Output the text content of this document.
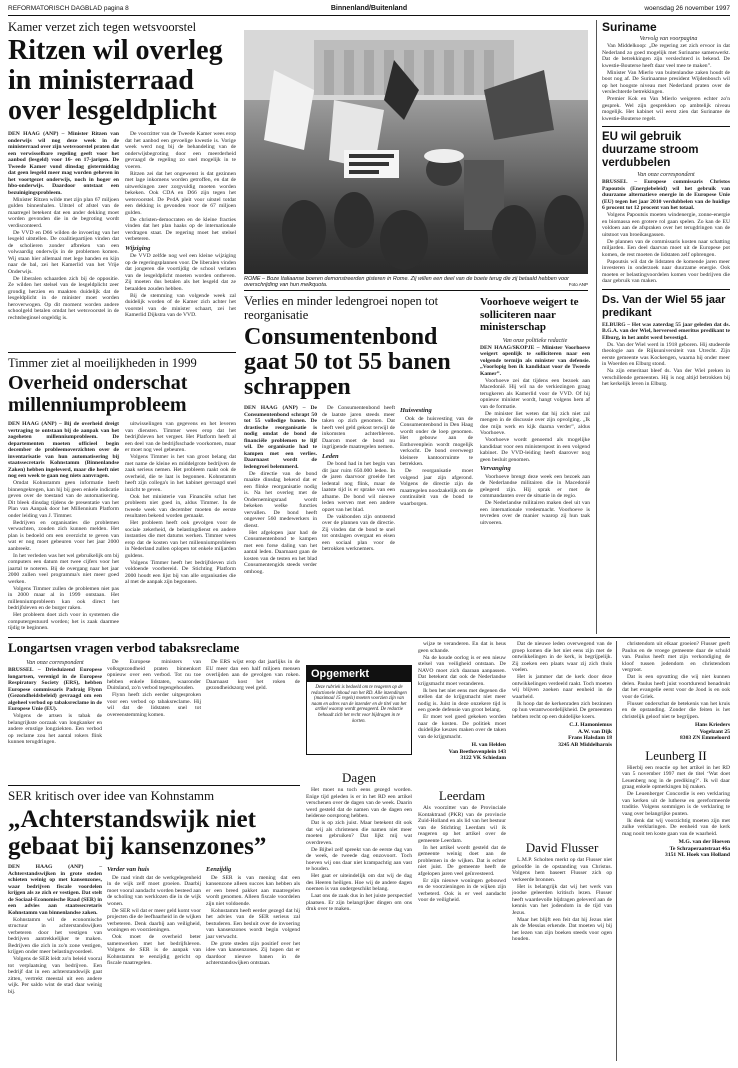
REFORMATORISCH DAGBLAD pagina 8	Binnenland/Buitenland	woensdag 26 november 1997
Kamer verzet zich tegen wetsvoorstel
Ritzen wil overleg in ministerraad over lesgeldplicht

DEN HAAG (ANP) – Minister Ritzen van onderwijs wil nog deze week in de ministerraad over zijn wetsvoorstel praten dat een verwisselbare regeling geeft voor het aanbod (lesgeld) voor 16- en 17-jarigen. De Tweede Kamer vond dinsdag gistermiddag dat geen lesgeld meer mag worden geheven in het voortgezet onderwijs, noch in hoger en hbo-onderwijs. Daardoor ontstaat een bezuinigingsprobleem.

Minister Ritzen wilde met zijn plan 67 miljoen gulden binnenhalen. Uitstel of afstel van de maatregel betekent dat een ander dekking moet worden gevonden die in de begroting wordt verdisconteerd.

De VVD en D66 wilden de invoering van het lesgeld uitstellen. De coalitiepartijen vinden dat de scholieren zonder afbreken van een volwaardig onderwijs in de problemen komen. Wij staan hier allemaal met lege handen en kijn naar de bal, zei het Kamerlid van het Vrije Onderwijs.

De liberalen schaarden zich bij de oppositie. Ze wilden het stelsel van de lesgeldplicht zeer grondig herzien en maakten duidelijk dat de lesgeldplicht in de minister moet worden heroverwogen. Op dit moment worden andere schoolgeld betalen omdat het wetsvoorstel in de rechtsbeginsel ongeldig is.

De voorzitter van de Tweede Kamer wees erop dat het aanbod een gevoelige kwestie is. Vorige week werd nog bij de behandeling van de onderwijsbegroting door een meerderheid gevraagd de regeling zo snel mogelijk in te voeren.

Ritzen zei dat het ongewenst is dat gezinnen met lage inkomens worden getroffen, en dat de uitwerkingen zeer zorgvuldig moeten worden bekeken. Ook CDA en D66 zijn tegen het wetsvoorstel. De PvdA pleit voor uitstel totdat een dekking is gevonden voor de 67 miljoen gulden.

De christen-democraten en de kleine fracties vinden dat het plan haaks op de internationale verdragen staat. De regering moet het stelsel verbeteren.

Wijziging

De VVD zelfde nog wel een kleine wijziging op de regeringsplannen voor. De liberalen vinden dat jongeren die voortijdig de school verlaten van de lesgeldplicht moeten worden ontheven. Zij moeten dus betalen als het lesgeld dat ze betaalden zouden hebben.

Bij de stemming van volgende week zal duidelijk worden of de Kamer zich achter het voorstel van de minister schaart, zei het Kamerlid Dijkstra van de VVD.

Timmer ziet al moeilijkheden in 1999
Overheid onderschat millenniumprobleem

DEN HAAG (ANP) – Bij de overheid dreigt vertraging te ontstaan bij de aanpak van het zogeheten millenniumprobleem. De departementen moeten officieel begin december de probleemoverzichten over de inventarisatie van hun automatisering bij staatssecretaris Kohnstamm (Binnenlandse Zaken) hebben ingeleverd, maar die heeft niet nog een week te gaan nog niets aanvragen.

Omdat Kohnstamm geen informatie heeft binnengekregen, kan hij bij geen enkele indicatie geven over de toestand van de automatisering. Dit bleek dinsdag tijdens de presentatie van het Plan van Aanpak door het Millennium Platform onder leiding van J. Timmer.

Bedrijven en organisaties die problemen verwachten, zouden zich kunnen melden. Het plan is bedoeld om een overzicht te geven van wat er nog moet gebeuren voor het jaar 2000 aanbreekt.

In het verleden was het wel gebruikelijk om bij computers een datum met twee cijfers voor het jaartal te noteren. Bij de overgang naar het jaar 2000 zullen veel programma's niet meer goed werken.

Volgens Timmer zullen de problemen niet pas in 2000 maar al in 1999 ontstaan. Het millenniumprobleem kan ook direct het bedrijfsleven en de burger raken.

Het probleem doet zich voor in systemen die computergestuurd worden; het is zaak daarmee tijdig te beginnen.

uitwisselingen van gegevens en het leveren van diensten. Timmer wees erop dat het bedrijfsleven het vergeet. Het Platform heeft al een deel van de bedrijfsschade voorkomen, maar er moet nog veel gebeuren.

Volgens Timmer is het van groot belang dat met name de kleine en middelgrote bedrijven de zaak serieus nemen. Het probleem raakt ook de overheid, die te laat is begonnen. Kohnstamm heeft zijn collega's in het kabinet gevraagd snel inzicht te geven.

Ook het ministerie van Financiën schat het probleem niet goed in, aldus Timmer. In de tweede week van december moeten de eerste resultaten bekend worden gemaakt.

Het probleem heeft ook gevolgen voor de sociale zekerheid, de belastingdienst en andere instanties die met datums werken. Timmer wees erop dat de kosten van het millenniumprobleem in Nederland zullen oplopen tot enkele miljarden guldens.

Volgens Timmer heeft het bedrijfsleven zich voldoende voorbereid. De Stichting Platform 2000 houdt een lijst bij van alle organisaties die al met de aanpak zijn begonnen.

ROME – Boze Italiaanse boeren demonstreerden gisteren in Rome. Zij willen een deel van de boete terug die zij betaald hebben voor overschrijding van hun melkquota.	Foto ANP
Verlies en minder ledengroei nopen tot reorganisatie
Consumentenbond gaat 50 tot 55 banen schrappen

DEN HAAG (ANP) – De Consumentenbond schrapt 50 tot 55 volledige banen. De drastische reorganisatie is nodig omdat de bond de financiële problemen te lijf wil. De organisatie had te kampen met een verlies. Daarnaast wordt de ledengroei belemmerd.

De directie van de bond maakte dinsdag bekend dat er een flinke reorganisatie nodig is. Na het overleg met de Ondernemingsraad wordt bekeken welke functies vervallen. De bond heeft ongeveer 560 medewerkers in dienst.

Het afgelopen jaar had de Consumentenbond te kampen met een forse daling van het aantal leden. Daarnaast gaan de kosten van de testen en het blad Consumentengids steeds verder omhoog.

De Consumentenbond heeft de laatste jaren steeds meer taken op zich genomen. Dat heeft veel geld gekost terwijl de inkomsten achterbleven. Daarom moet de bond nu ingrijpende maatregelen nemen.

Leden

De bond had in het begin van dit jaar ruim 650.000 leden. In de jaren daarvoor groeide het ledental nog flink, maar de laatste tijd is er sprake van een afname. De bond wil nieuwe leden werven met een andere opzet van het blad.

De vakbonden zijn ontstemd over de plannen van de directie. Zij vinden dat de bond te snel tot ontslagen overgaat en eisen een sociaal plan voor de betrokken werknemers.

Huisvesting

Ook de huisvesting van de Consumentenbond in Den Haag wordt onder de loep genomen. Het gebouw aan de Enthovenplein wordt mogelijk verkocht. De bond overweegt kleinere kantoorruimte te betrekken.

De reorganisatie moet volgend jaar zijn afgerond. Volgens de directie zijn de maatregelen noodzakelijk om de continuïteit van de bond te waarborgen.

Voorhoeve weigert te solliciteren naar ministerschap

Van onze politieke redactie

DEN HAAG/SKOPJE – Minister Voorhoeve weigert openlijk te solliciteren naar een volgende termijn als minister van defensie. „Voorlopig ben ik kandidaat voor de Tweede Kamer”.

Voorhoeve zei dat tijdens een bezoek aan Macedonië. Hij wil na de verkiezingen graag terugkeren als Kamerlid voor de VVD. Of hij opnieuw minister wordt, hangt volgens hem af van de formatie.

De minister liet weten dat hij zich niet zal mengen in de discussie over zijn opvolging. „Ik doe mijn werk en kijk daarna verder”, aldus Voorhoeve.

Voorhoeve wordt genoemd als mogelijke kandidaat voor een ministerspost in een volgend kabinet. De VVD-leiding heeft daarover nog geen besluit genomen.

Vervanging

Voorhoeve brengt deze week een bezoek aan de Nederlandse militairen die in Macedonië gelegerd zijn. Hij sprak er met de commandanten over de situatie in de regio.

De Nederlandse militairen maken deel uit van een internationale vredesmacht. Voorhoeve is tevreden over de manier waarop zij hun taak uitvoeren.

Suriname

Vervolg van voorpagina

Van Middelkoop: „De regering zet zich ervoor in dat Nederland zo goed mogelijk met Suriname samenwerkt. Dat de betrekkingen zijn verslechterd is bekend. De kwestie-Bouterse heeft daar veel mee te maken”.

Minister Van Mierlo van buitenlandse zaken houdt de boot nog af. De Surinaamse president Wijdenbosch wil op het hoogste niveau met Nederland praten over de verslechterde betrekkingen.

Premier Kok en Van Mierlo weigeren echter zo'n gesprek. Wel zijn gesprekken op ambtelijk niveau mogelijk. Het kabinet wil eerst zien dat Suriname de kwestie-Bouterse regelt.

EU wil gebruik duurzame stroom verdubbelen

Van onze correspondent

BRUSSEL – Europese commissaris Christos Papoutsis (Energiebeleid) wil het gebruik van duurzame alternatieve energie in de Europese Unie (EU) tegen het jaar 2010 verdubbelen van de huidige 6 procent tot 12 procent van het totaal.

Volgens Papoutsis moeten windenergie, zonne-energie en biomassa een grotere rol gaan spelen. Zo kan de EU voldoen aan de afspraken over het terugdringen van de uitstoot van broeikasgassen.

De plannen van de commissaris kosten naar schatting miljarden. Een deel daarvan moet uit de Europese pot komen, de rest moeten de lidstaten zelf opbrengen.

Papoutsis wil dat de lidstaten de komende jaren meer investeren in onderzoek naar duurzame energie. Ook moeten er belastingvoordelen komen voor bedrijven die daar gebruik van maken.

Ds. Van der Wiel 55 jaar predikant

ELBURG – Het was zaterdag 55 jaar geleden dat ds. B.G.A. van der Wiel, herversed emeritus predikant te Elburg, in het ambt werd bevestigd.

Ds. Van der Wiel werd in 1918 geboren. Hij studeerde theologie aan de Rijksuniversiteit van Utrecht. Zijn eerste gemeente was Kockengen, waarna hij onder meer in Woerden en Elburg stond.

Na zijn emeritaat bleef ds. Van der Wiel preken in verschillende gemeenten. Hij is nog altijd betrokken bij het kerkelijk leven in Elburg.

Longartsen vragen verbod tabaksreclame

Van onze correspondent

BRUSSEL – Drieduizend Europese longartsen, verenigd in de Europese Respiratory Society (ERS), hebben Europese commissaris Padraig Flynn (Gezondheidsbeleid) gevraagd om een algeheel verbod op tabaksreclame in de Europese Unie (EU).

Volgens de artsen is tabak de belangrijkste oorzaak van longkanker en andere ernstige longziekten. Een verbod op reclame zou het aantal rokers flink kunnen terugdringen.

De Europese ministers van volksgezondheid praten binnenkort opnieuw over een verbod. Tot nu toe hebben enkele lidstaten, waaronder Duitsland, zo'n verbod tegengehouden.

Flynn heeft zich eerder uitgesproken voor een verbod op tabaksreclame. Hij wil dat de lidstaten snel tot overeenstemming komen.

De ERS wijst erop dat jaarlijks in de EU meer dan een half miljoen mensen overlijden aan de gevolgen van roken. Daarnaast kost het roken de gezondheidszorg veel geld.

Opgemerkt
Deze rubriek is bedoeld om te reageren op de redactionele inhoud van het RD. Alle inzendingen (maximaal 15 regels) moeten voorzien zijn van naam en adres van de inzender en de titel van het artikel waarop wordt gereageerd. De redactie behoudt zich het recht voor bijdragen in te korten.

wijze te veranderen. En dat is heus geen schande.

Na de koude oorlog is er een nieuw stelsel van veiligheid ontstaan. De NAVO moet zich daaraan aanpassen. Dat betekent dat ook de Nederlandse krijgsmacht moet veranderen.

Ik ben het niet eens met degenen die stellen dat de krijgsmacht niet meer nodig is. Juist in deze onzekere tijd is een goede defensie van groot belang.

Er moet wel goed gekeken worden naar de kosten. De politiek moet duidelijke keuzes maken over de taken van de krijgsmacht.

H. van Helden
Van Beethovenplein 143
3122 VK Schiedam

Dat de nieuwe leden overwegend van de groep komen die het niet eens zijn met de ontwikkelingen in de kerk, is begrijpelijk. Zij zoeken een plaats waar zij zich thuis voelen.

Het is jammer dat de kerk door deze ontwikkelingen verdeeld raakt. Toch moeten wij blijven zoeken naar eenheid in de waarheid.

Ik hoop dat de kerkenraden zich bezinnen op hun verantwoordelijkheid. De gemeenten hebben recht op een duidelijke koers.

C.J. Hamoniemus
A.W. van Dijk
Frans Halsdam 18
3245 AB Middelharnis
SER kritisch over idee van Kohnstamm
„Achterstandswijk niet gebaat bij kansenzones”

DEN HAAG (ANP) – Achterstandswijken in grote steden schieten weinig op met kansenzones, waar bedrijven fiscale voordelen krijgen als ze zich er vestigen. Dat stelt de Sociaal-Economische Raad (SER) in een advies aan staatssecretaris Kohnstamm van binnenlandse zaken.

Kohnstamm wil de economische structuur in achterstandswijken verbeteren door het vestigen van bedrijven aantrekkelijker te maken. Bedrijven die zich in zo'n zone vestigen, krijgen onder meer belastingvoordeel.

Volgens de SER leidt zo'n beleid vooral tot verplaatsing van bedrijven. Een bedrijf dat in een achterstandswijk gaat zitten, vertrekt meestal uit een andere wijk. Per saldo wint de stad daar weinig bij.

Verder van huis

De raad vindt dat de werkgelegenheid in de wijk zelf moet groeien. Daarbij moet vooral aandacht worden besteed aan de scholing van werklozen die in de wijk wonen.

De SER wil dat er meer geld komt voor projecten die de leefbaarheid in de wijken verbeteren. Denk daarbij aan veiligheid, woningen en voorzieningen.

Ook moet de overheid beter samenwerken met het bedrijfsleven. Volgens de SER is de aanpak van Kohnstamm te eenzijdig gericht op fiscale maatregelen.

Eenzijdig

De SER is van mening dat een kansenzone alleen succes kan hebben als er een breed pakket aan maatregelen wordt genomen. Alleen fiscale voordelen zijn niet voldoende.

Kohnstamm heeft eerder gezegd dat hij het advies van de SER serieus zal bestuderen. Een besluit over de invoering van kansenzones wordt begin volgend jaar verwacht.

De grote steden zijn positief over het idee van kansenzones. Zij hopen dat er daardoor nieuwe banen in de achterstandswijken ontstaan.

Dagen

Het moet nu toch eens gezegd worden. Enige tijd geleden is er in het RD een artikel verschenen over de dagen van de week. Daarin werd gesteld dat de namen van de dagen een heidense oorsprong hebben.

Dat is op zich juist. Maar betekent dit ook dat wij als christenen die namen niet meer moeten gebruiken? Dat lijkt mij wat overdreven.

De Bijbel zelf spreekt van de eerste dag van de week, de tweede dag enzovoort. Toch hoeven wij ons daar niet krampachtig aan vast te houden.

Het gaat er uiteindelijk om dat wij de dag des Heeren heiligen. Hoe wij de andere dagen noemen is van ondergeschikt belang.

Laat ons de zaak dus in het juiste perspectief plaatsen. Er zijn belangrijker dingen om ons druk over te maken.

Leerdam

Als voorzitter van de Provinciale Kontaktraad (PKR) van de provincie Zuid-Holland en als lid van het bestuur van de Stichting Leerdam wil ik reageren op het artikel over de gemeente Leerdam.

In het artikel wordt gesteld dat de gemeente weinig doet aan de problemen in de wijken. Dat is echter niet juist. De gemeente heeft de afgelopen jaren veel geïnvesteerd.

Er zijn nieuwe woningen gebouwd en de voorzieningen in de wijken zijn verbeterd. Ook is er veel aandacht voor de veiligheid.

David Flusser

L.M.P. Scholten merkt op dat Flusser niet geloofde in de opstanding van Christus. Volgens hem baseert Flusser zich op verkeerde bronnen.

Het is belangrijk dat wij het werk van joodse geleerden kritisch lezen. Flusser heeft waardevolle bijdragen geleverd aan de kennis van het jodendom in de tijd van Jezus.

Maar het blijft een feit dat hij Jezus niet als de Messias erkende. Dat moeten wij bij het lezen van zijn boeken steeds voor ogen houden.

christendom uit elkaar groeien? Flusser geeft Paulus en de vroege gemeente daar de schuld van. Paulus heeft met zijn verkondiging de kloof tussen jodendom en christendom vergroot.

Dat is een opvatting die wij niet kunnen delen. Paulus heeft juist voortdurend benadrukt dat het evangelie eerst voor de Jood is en ook voor de Griek.

Flusser onderschat de betekenis van het kruis en de opstanding. Zonder die feiten is het christelijk geloof niet te begrijpen.

Hans Krieders
Vogelzant 25
8303 ZN Emmeloord
Leunberg II

Hierbij een reactie op het artikel in het RD van 5 november 1997 met de titel ‘Wat doet Leuenberg nog in de prediking?’. Ik wil daar graag enkele opmerkingen bij maken.

De Leuenberger Concordie is een verklaring van kerken uit de lutherse en gereformeerde traditie. Volgens sommigen is de verklaring te vaag over belangrijke punten.

Ik denk dat wij voorzichtig moeten zijn met zulke verklaringen. De eenheid van de kerk mag nooit ten koste gaan van de waarheid.

M.G. van der Hoeven
Te Schraperaatstraat 46a
3151 NL Hoek van Holland
